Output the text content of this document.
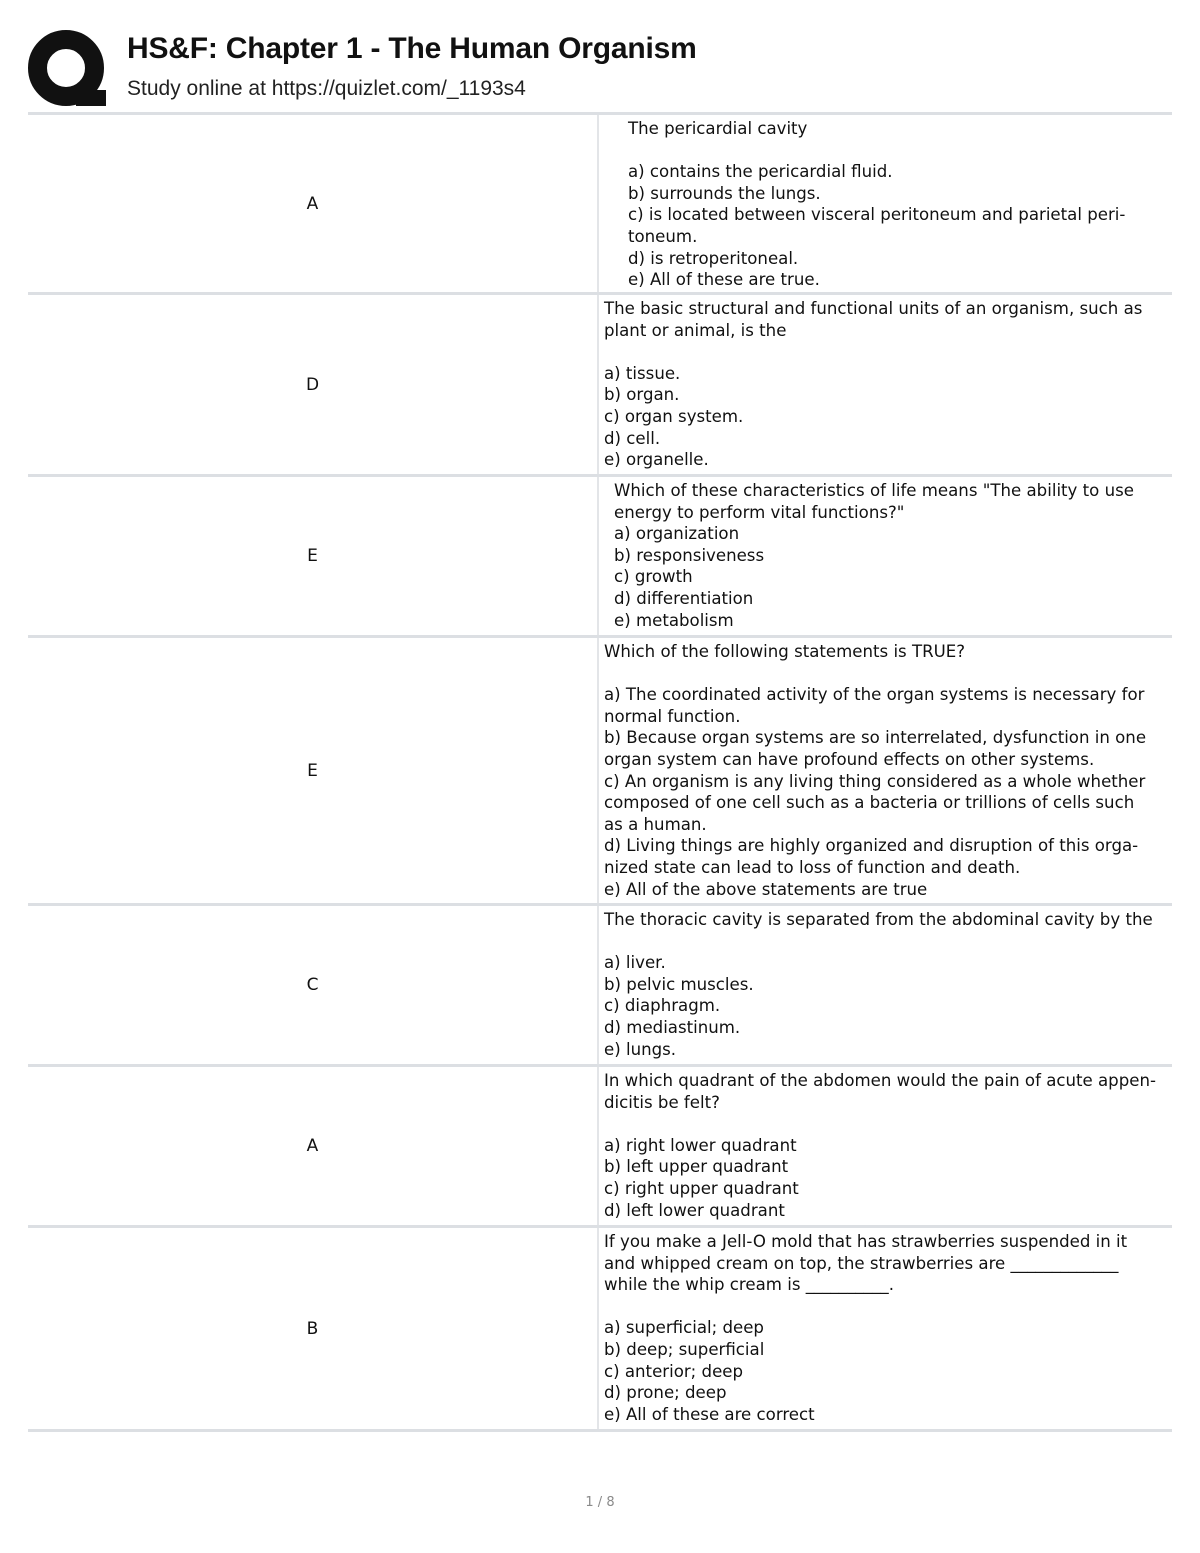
HS&F: Chapter 1 - The Human Organism

Study online at https://quizlet.com/_1193s4

A
The pericardial cavity

a) contains the pericardial fluid.
b) surrounds the lungs.
c) is located between visceral peritoneum and parietal peri-
toneum.
d) is retroperitoneal.
e) All of these are true.
D
The basic structural and functional units of an organism, such as
plant or animal, is the

a) tissue.
b) organ.
c) organ system.
d) cell.
e) organelle.
E
Which of these characteristics of life means "The ability to use
energy to perform vital functions?"
a) organization
b) responsiveness
c) growth
d) differentiation
e) metabolism
E
Which of the following statements is TRUE?

a) The coordinated activity of the organ systems is necessary for
normal function.
b) Because organ systems are so interrelated, dysfunction in one
organ system can have profound effects on other systems.
c) An organism is any living thing considered as a whole whether
composed of one cell such as a bacteria or trillions of cells such
as a human.
d) Living things are highly organized and disruption of this orga-
nized state can lead to loss of function and death.
e) All of the above statements are true
C
The thoracic cavity is separated from the abdominal cavity by the

a) liver.
b) pelvic muscles.
c) diaphragm.
d) mediastinum.
e) lungs.
A
In which quadrant of the abdomen would the pain of acute appen-
dicitis be felt?

a) right lower quadrant
b) left upper quadrant
c) right upper quadrant
d) left lower quadrant
B
If you make a Jell-O mold that has strawberries suspended in it
and whipped cream on top, the strawberries are _____________
while the whip cream is __________.

a) superficial; deep
b) deep; superficial
c) anterior; deep
d) prone; deep
e) All of these are correct
1 / 8
